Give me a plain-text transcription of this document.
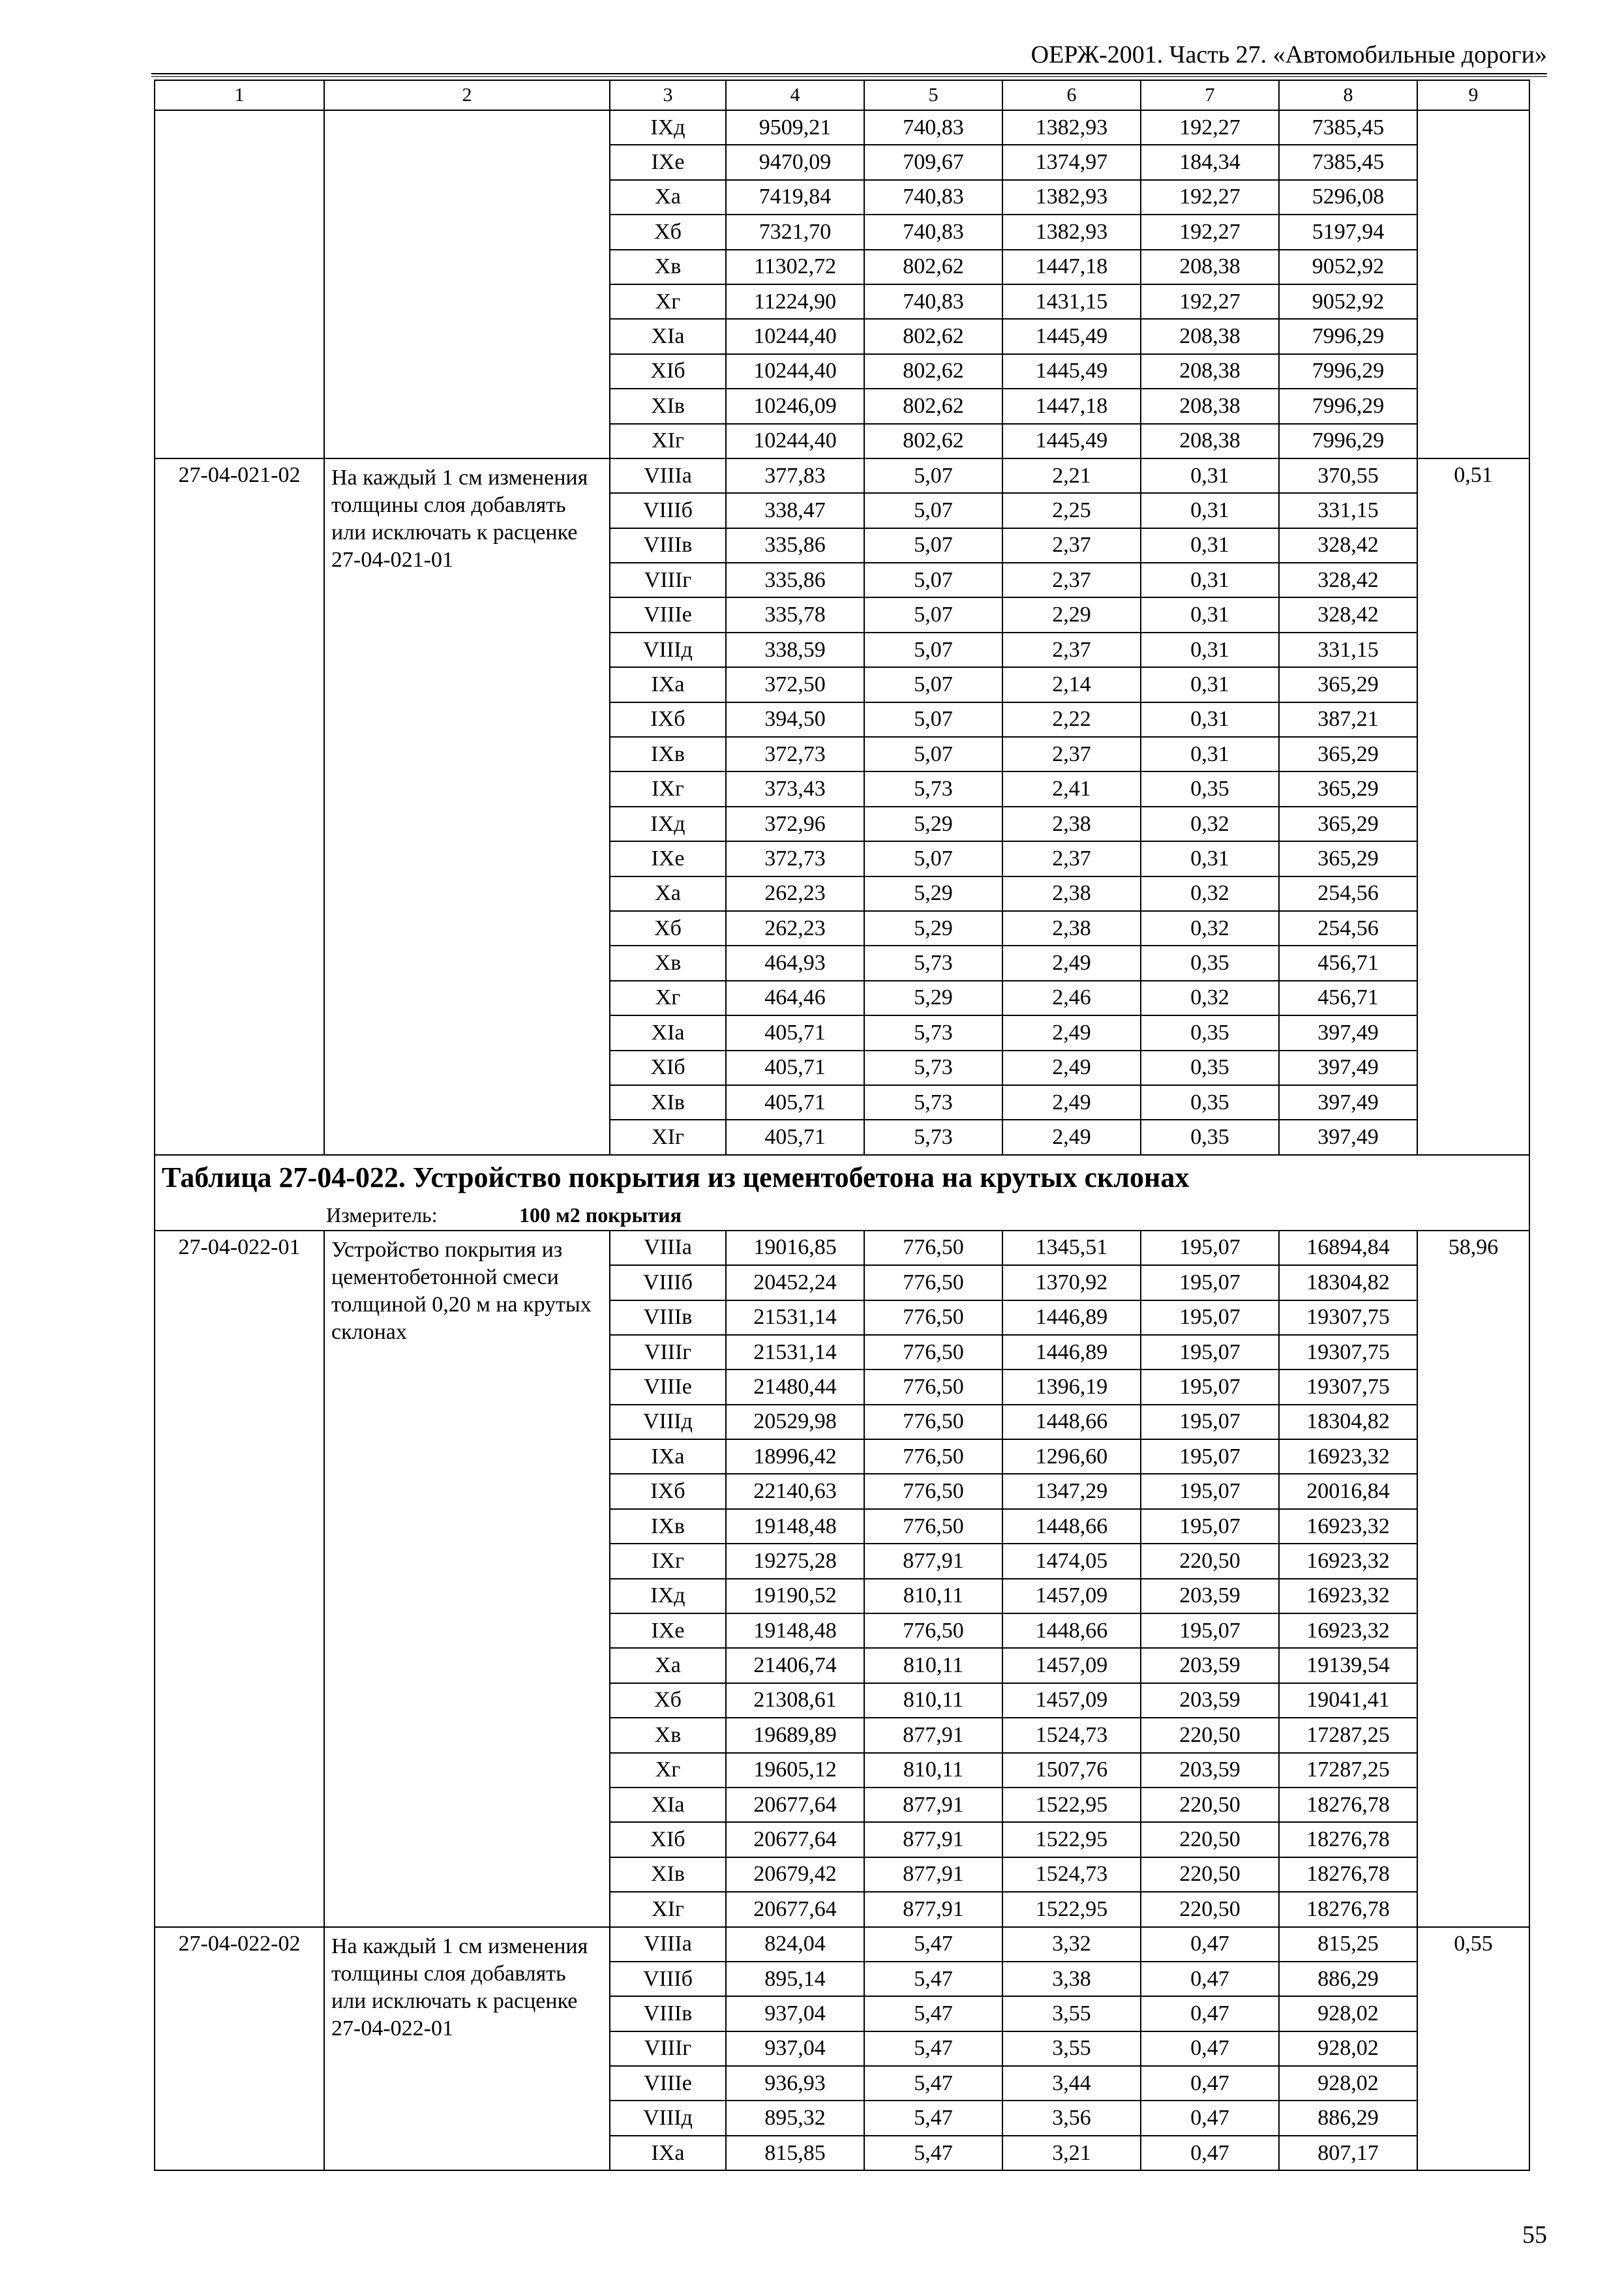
ОЕРЖ-2001. Часть 27. «Автомобильные дороги»
1	2	3	4	5	6	7	8	9
		IXд	9509,21	740,83	1382,93	192,27	7385,45	
		IXе	9470,09	709,67	1374,97	184,34	7385,45	
		Xа	7419,84	740,83	1382,93	192,27	5296,08	
		Xб	7321,70	740,83	1382,93	192,27	5197,94	
		Xв	11302,72	802,62	1447,18	208,38	9052,92	
		Xг	11224,90	740,83	1431,15	192,27	9052,92	
		XIа	10244,40	802,62	1445,49	208,38	7996,29	
		XIб	10244,40	802,62	1445,49	208,38	7996,29	
		XIв	10246,09	802,62	1447,18	208,38	7996,29	
		XIг	10244,40	802,62	1445,49	208,38	7996,29	
27-04-021-02	На каждый 1 см изменения толщины слоя добавлять или исключать к расценке 27-04-021-01	VIIIа	377,83	5,07	2,21	0,31	370,55	0,51
		VIIIб	338,47	5,07	2,25	0,31	331,15	
		VIIIв	335,86	5,07	2,37	0,31	328,42	
		VIIIг	335,86	5,07	2,37	0,31	328,42	
		VIIIе	335,78	5,07	2,29	0,31	328,42	
		VIIIд	338,59	5,07	2,37	0,31	331,15	
		IXа	372,50	5,07	2,14	0,31	365,29	
		IXб	394,50	5,07	2,22	0,31	387,21	
		IXв	372,73	5,07	2,37	0,31	365,29	
		IXг	373,43	5,73	2,41	0,35	365,29	
		IXд	372,96	5,29	2,38	0,32	365,29	
		IXе	372,73	5,07	2,37	0,31	365,29	
		Xа	262,23	5,29	2,38	0,32	254,56	
		Xб	262,23	5,29	2,38	0,32	254,56	
		Xв	464,93	5,73	2,49	0,35	456,71	
		Xг	464,46	5,29	2,46	0,32	456,71	
		XIа	405,71	5,73	2,49	0,35	397,49	
		XIб	405,71	5,73	2,49	0,35	397,49	
		XIв	405,71	5,73	2,49	0,35	397,49	
		XIг	405,71	5,73	2,49	0,35	397,49	
Таблица 27-04-022. Устройство покрытия из цементобетона на крутых склонах								
Измеритель: 100 м2 покрытия								
27-04-022-01	Устройство покрытия из цементобетонной смеси толщиной 0,20 м на крутых склонах	VIIIа	19016,85	776,50	1345,51	195,07	16894,84	58,96
		VIIIб	20452,24	776,50	1370,92	195,07	18304,82	
		VIIIв	21531,14	776,50	1446,89	195,07	19307,75	
		VIIIг	21531,14	776,50	1446,89	195,07	19307,75	
		VIIIе	21480,44	776,50	1396,19	195,07	19307,75	
		VIIIд	20529,98	776,50	1448,66	195,07	18304,82	
		IXа	18996,42	776,50	1296,60	195,07	16923,32	
		IXб	22140,63	776,50	1347,29	195,07	20016,84	
		IXв	19148,48	776,50	1448,66	195,07	16923,32	
		IXг	19275,28	877,91	1474,05	220,50	16923,32	
		IXд	19190,52	810,11	1457,09	203,59	16923,32	
		IXе	19148,48	776,50	1448,66	195,07	16923,32	
		Xа	21406,74	810,11	1457,09	203,59	19139,54	
		Xб	21308,61	810,11	1457,09	203,59	19041,41	
		Xв	19689,89	877,91	1524,73	220,50	17287,25	
		Xг	19605,12	810,11	1507,76	203,59	17287,25	
		XIа	20677,64	877,91	1522,95	220,50	18276,78	
		XIб	20677,64	877,91	1522,95	220,50	18276,78	
		XIв	20679,42	877,91	1524,73	220,50	18276,78	
		XIг	20677,64	877,91	1522,95	220,50	18276,78	
27-04-022-02	На каждый 1 см изменения толщины слоя добавлять или исключать к расценке 27-04-022-01	VIIIа	824,04	5,47	3,32	0,47	815,25	0,55
		VIIIб	895,14	5,47	3,38	0,47	886,29	
		VIIIв	937,04	5,47	3,55	0,47	928,02	
		VIIIг	937,04	5,47	3,55	0,47	928,02	
		VIIIе	936,93	5,47	3,44	0,47	928,02	
		VIIIд	895,32	5,47	3,56	0,47	886,29	
		IXа	815,85	5,47	3,21	0,47	807,17	
55
